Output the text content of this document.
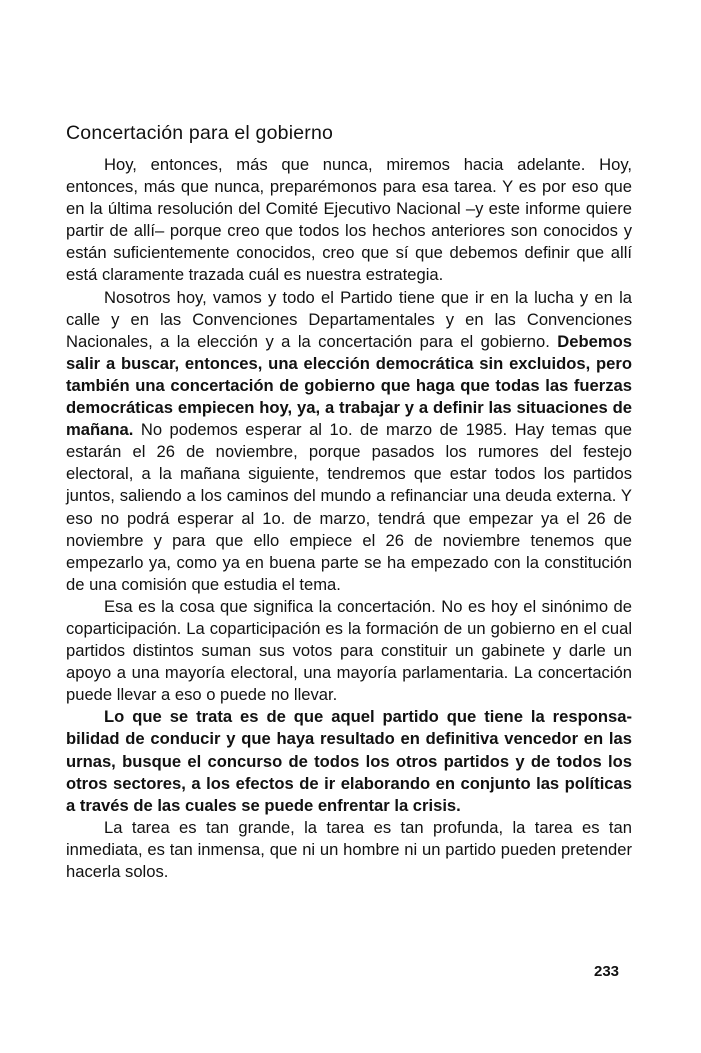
Concertación para el gobierno

Hoy, entonces, más que nunca, miremos hacia adelante. Hoy, entonces, más que nunca, preparémonos para esa tarea. Y es por eso que en la última resolución del Comité Ejecutivo Nacional –y este informe quiere partir de allí– porque creo que todos los hechos anteriores son conocidos y están suficientemente conocidos, creo que sí que debemos definir que allí está claramente trazada cuál es nuestra estrategia.

Nosotros hoy, vamos y todo el Partido tiene que ir en la lucha y en la calle y en las Convenciones Departamentales y en las Convenciones Nacionales, a la elección y a la concertación para el gobierno. Debemos salir a buscar, entonces, una elección democrática sin excluidos, pero también una concertación de gobierno que haga que todas las fuerzas democráticas empiecen hoy, ya, a trabajar y a definir las situaciones de mañana. No podemos esperar al 1o. de marzo de 1985. Hay temas que estarán el 26 de noviembre, porque pasados los rumores del festejo electoral, a la mañana siguiente, tendremos que estar todos los partidos juntos, saliendo a los caminos del mundo a refinanciar una deuda externa. Y eso no podrá esperar al 1o. de marzo, tendrá que empezar ya el 26 de noviembre y para que ello empiece el 26 de noviembre tenemos que empezarlo ya, como ya en buena parte se ha empezado con la constitución de una comisión que estudia el tema.

Esa es la cosa que significa la concertación. No es hoy el sinónimo de coparticipación. La coparticipación es la formación de un gobierno en el cual partidos distintos suman sus votos para constituir un gabinete y darle un apoyo a una mayoría electoral, una mayoría parlamentaria. La concertación puede llevar a eso o puede no llevar.

Lo que se trata es de que aquel partido que tiene la responsabilidad de conducir y que haya resultado en definitiva vencedor en las urnas, busque el concurso de todos los otros partidos y de todos los otros sectores, a los efectos de ir elaborando en conjunto las políticas a través de las cuales se puede enfrentar la crisis.

La tarea es tan grande, la tarea es tan profunda, la tarea es tan inmediata, es tan inmensa, que ni un hombre ni un partido pueden pretender hacerla solos.

233
